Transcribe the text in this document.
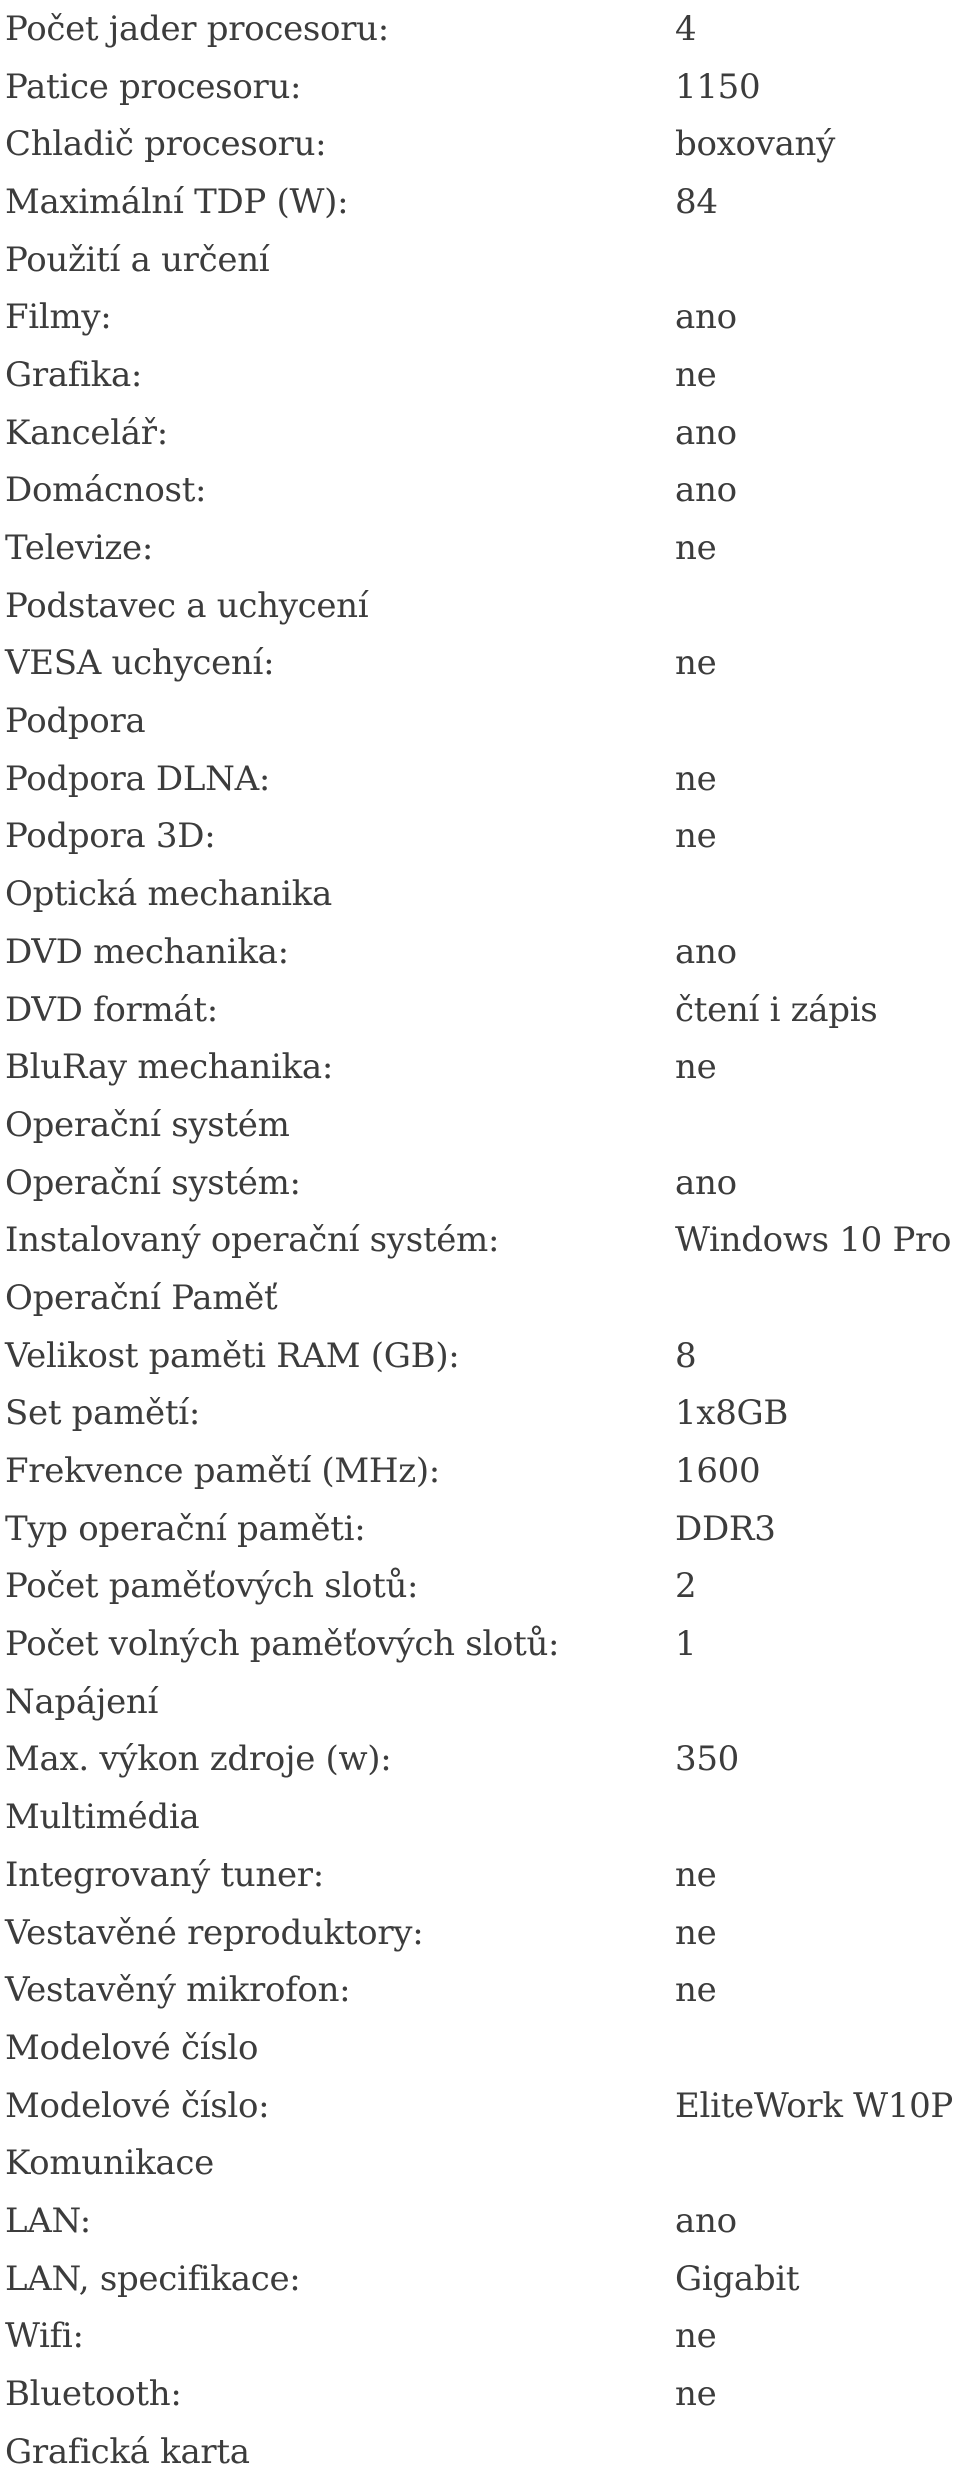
Počet jader procesoru:	4
Patice procesoru:	1150
Chladič procesoru:	boxovaný
Maximální TDP (W):	84
Použití a určení
Filmy:	ano
Grafika:	ne
Kancelář:	ano
Domácnost:	ano
Televize:	ne
Podstavec a uchycení
VESA uchycení:	ne
Podpora
Podpora DLNA:	ne
Podpora 3D:	ne
Optická mechanika
DVD mechanika:	ano
DVD formát:	čtení i zápis
BluRay mechanika:	ne
Operační systém
Operační systém:	ano
Instalovaný operační systém:	Windows 10 Pro
Operační Paměť
Velikost paměti RAM (GB):	8
Set pamětí:	1x8GB
Frekvence pamětí (MHz):	1600
Typ operační paměti:	DDR3
Počet paměťových slotů:	2
Počet volných paměťových slotů:	1
Napájení
Max. výkon zdroje (w):	350
Multimédia
Integrovaný tuner:	ne
Vestavěné reproduktory:	ne
Vestavěný mikrofon:	ne
Modelové číslo
Modelové číslo:	EliteWork W10P
Komunikace
LAN:	ano
LAN, specifikace:	Gigabit
Wifi:	ne
Bluetooth:	ne
Grafická karta
